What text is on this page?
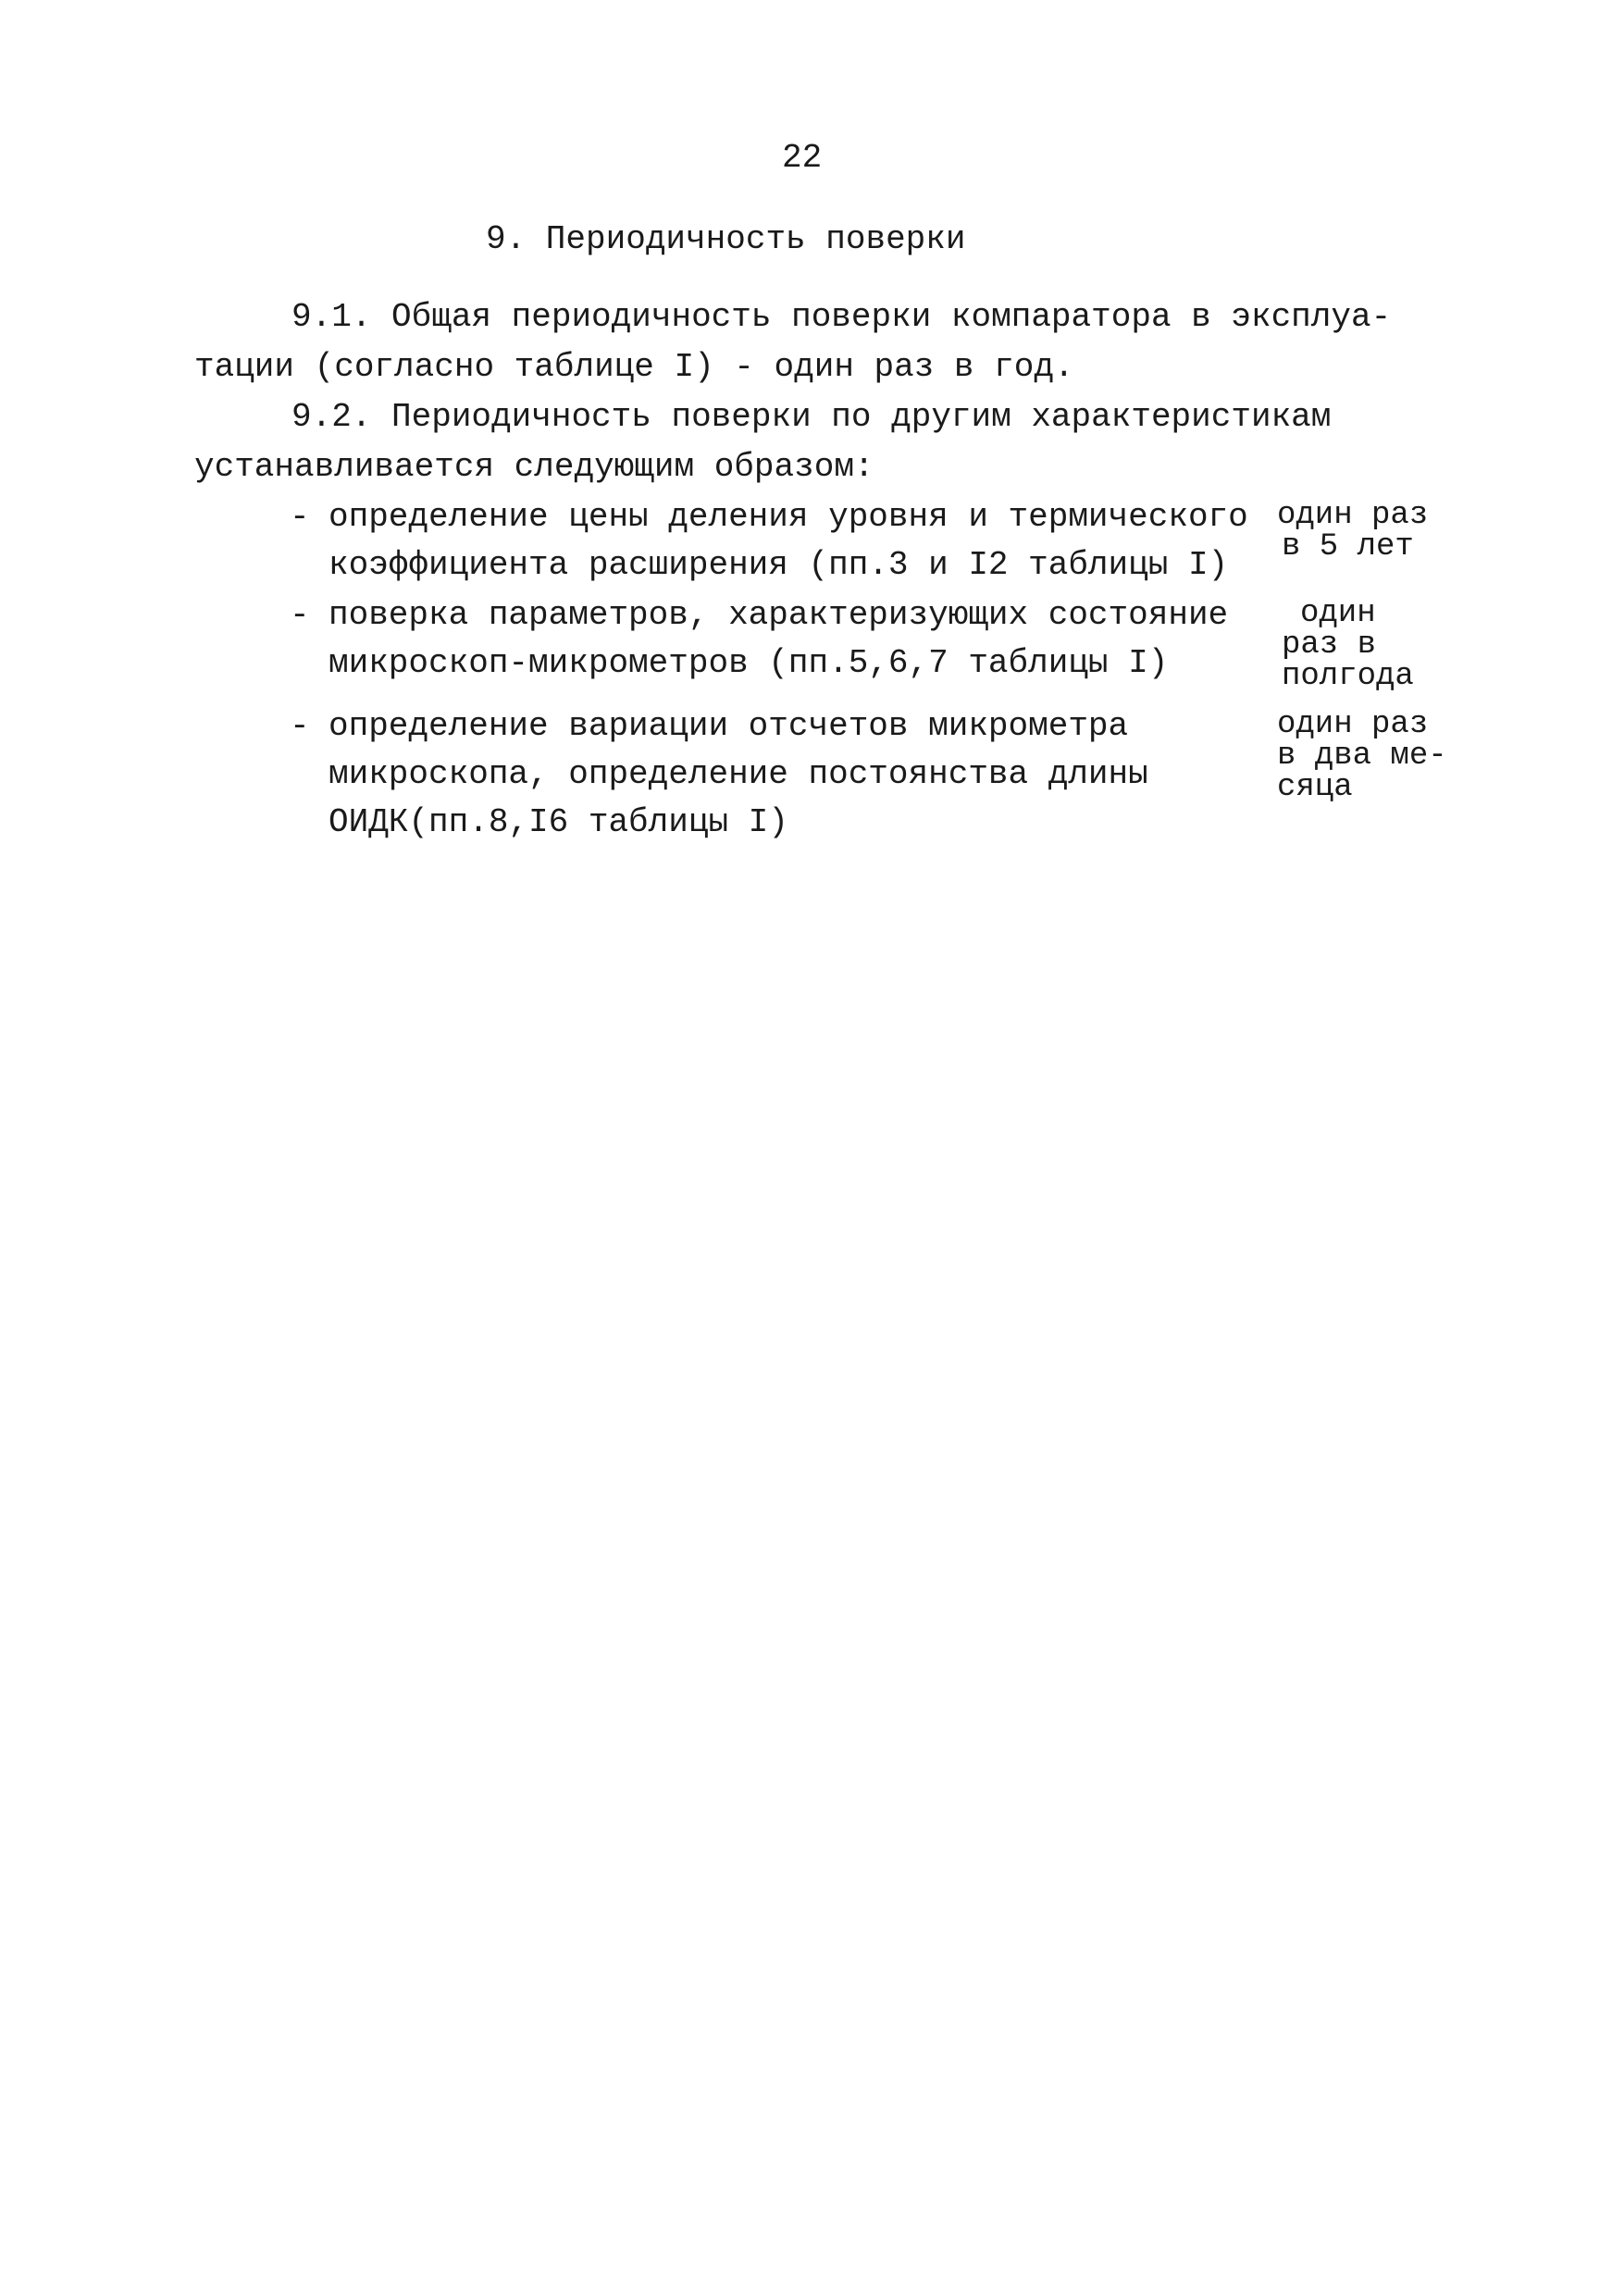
22
9. Периодичность поверки
9.1. Общая периодичность поверки компаратора в эксплуа-
тации (согласно таблице I) - один раз в год.
9.2. Периодичность поверки по другим характеристикам
устанавливается следующим образом:
- определение цены деления уровня и термического
коэффициента расширения (пп.3 и I2 таблицы I)
один раз
в 5 лет
- поверка параметров, характеризующих состояние
микроскоп-микрометров (пп.5,6,7 таблицы I)
один
раз в
полгода
- определение вариации отсчетов микрометра
микроскопа, определение постоянства длины
ОИДК(пп.8,I6 таблицы I)
один раз
в два ме-
сяца
